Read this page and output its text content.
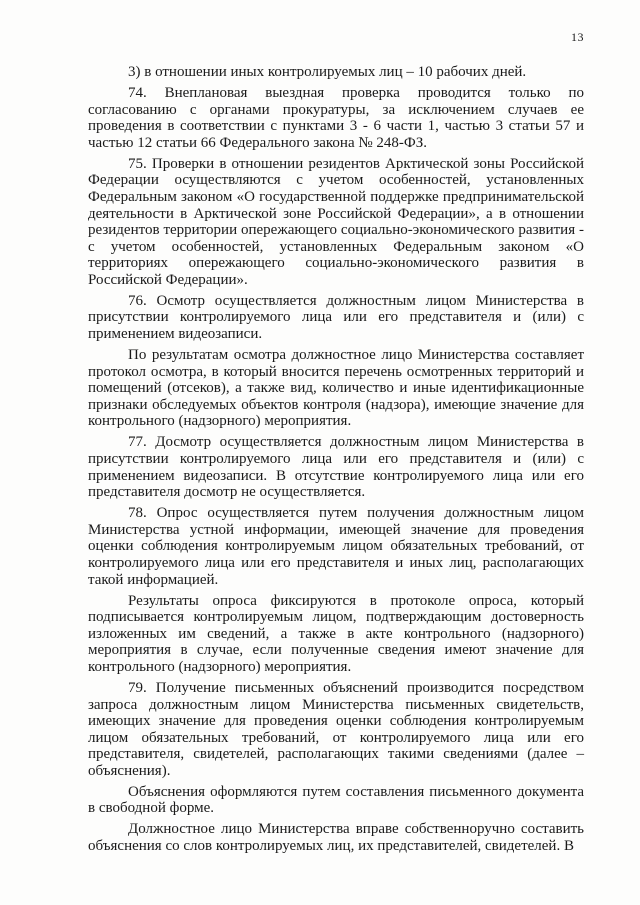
13

3) в отношении иных контролируемых лиц – 10 рабочих дней.

74. Внеплановая выездная проверка проводится только по согласованию с органами прокуратуры, за исключением случаев ее проведения в соответствии с пунктами 3 - 6 части 1, частью 3 статьи 57 и частью 12 статьи 66 Федерального закона № 248-ФЗ.

75. Проверки в отношении резидентов Арктической зоны Российской Федерации осуществляются с учетом особенностей, установленных Федеральным законом «О государственной поддержке предпринимательской деятельности в Арктической зоне Российской Федерации», а в отношении резидентов территории опережающего социально-экономического развития - с учетом особенностей, установленных Федеральным законом «О территориях опережающего социально-экономического развития в Российской Федерации».

76. Осмотр осуществляется должностным лицом Министерства в присутствии контролируемого лица или его представителя и (или) с применением видеозаписи.

По результатам осмотра должностное лицо Министерства составляет протокол осмотра, в который вносится перечень осмотренных территорий и помещений (отсеков), а также вид, количество и иные идентификационные признаки обследуемых объектов контроля (надзора), имеющие значение для контрольного (надзорного) мероприятия.

77. Досмотр осуществляется должностным лицом Министерства в присутствии контролируемого лица или его представителя и (или) с применением видеозаписи. В отсутствие контролируемого лица или его представителя досмотр не осуществляется.

78. Опрос осуществляется путем получения должностным лицом Министерства устной информации, имеющей значение для проведения оценки соблюдения контролируемым лицом обязательных требований, от контролируемого лица или его представителя и иных лиц, располагающих такой информацией.

Результаты опроса фиксируются в протоколе опроса, который подписывается контролируемым лицом, подтверждающим достоверность изложенных им сведений, а также в акте контрольного (надзорного) мероприятия в случае, если полученные сведения имеют значение для контрольного (надзорного) мероприятия.

79. Получение письменных объяснений производится посредством запроса должностным лицом Министерства письменных свидетельств, имеющих значение для проведения оценки соблюдения контролируемым лицом обязательных требований, от контролируемого лица или его представителя, свидетелей, располагающих такими сведениями (далее – объяснения).

Объяснения оформляются путем составления письменного документа в свободной форме.

Должностное лицо Министерства вправе собственноручно составить объяснения со слов контролируемых лиц, их представителей, свидетелей. В
